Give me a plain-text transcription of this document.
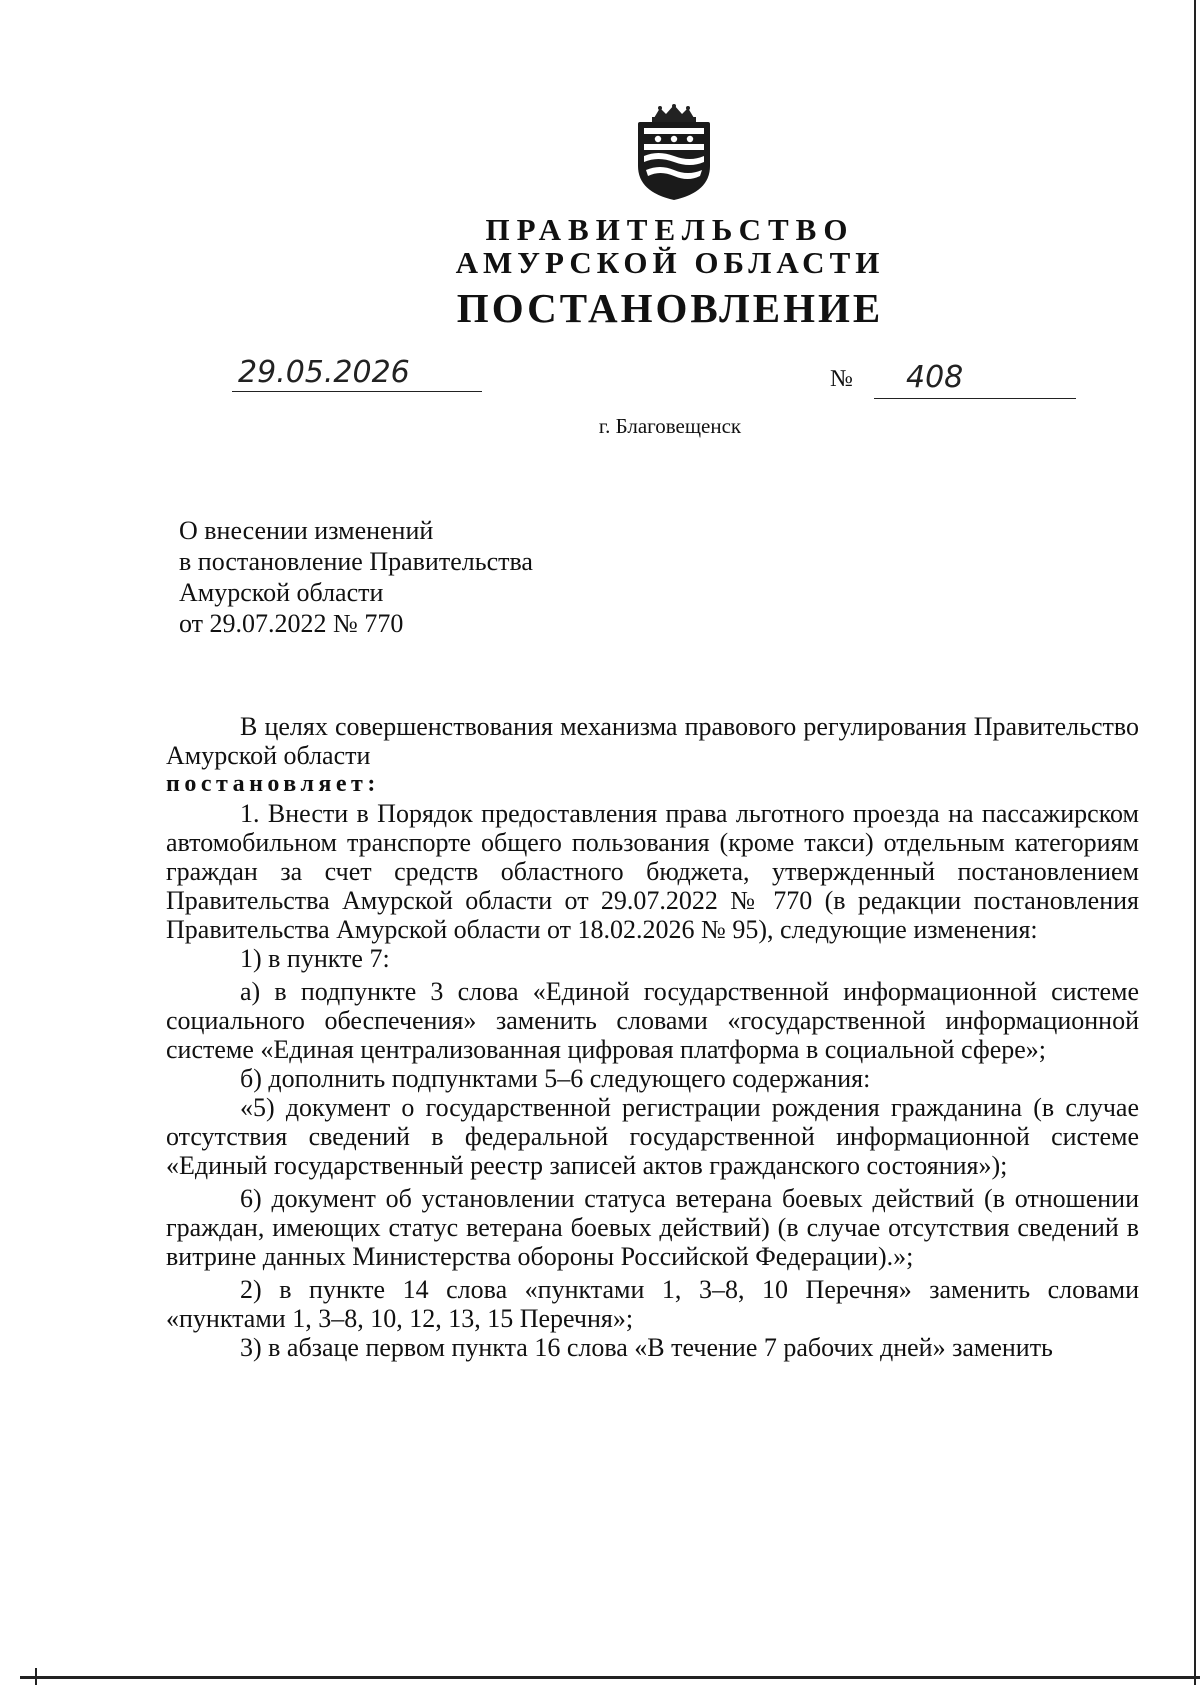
ПРАВИТЕЛЬСТВО
АМУРСКОЙ ОБЛАСТИ
ПОСТАНОВЛЕНИЕ
29.05.2026	№ 408
г. Благовещенск
О внесении изменений
в постановление Правительства
Амурской области
от 29.07.2022 № 770

В целях совершенствования механизма правового регулирования Правительство Амурской области

постановляет:

1. Внести в Порядок предоставления права льготного проезда на пассажирском автомобильном транспорте общего пользования (кроме такси) отдельным категориям граждан за счет средств областного бюджета, утвержденный постановлением Правительства Амурской области от 29.07.2022 № 770 (в редакции постановления Правительства Амурской области от 18.02.2026 № 95), следующие изменения:

1) в пункте 7:

а) в подпункте 3 слова «Единой государственной информационной системе социального обеспечения» заменить словами «государственной информационной системе «Единая централизованная цифровая платформа в социальной сфере»;

б) дополнить подпунктами 5–6 следующего содержания:

«5) документ о государственной регистрации рождения гражданина (в случае отсутствия сведений в федеральной государственной информационной системе «Единый государственный реестр записей актов гражданского состояния»);

6) документ об установлении статуса ветерана боевых действий (в отношении граждан, имеющих статус ветерана боевых действий) (в случае отсутствия сведений в витрине данных Министерства обороны Российской Федерации).»;

2) в пункте 14 слова «пунктами 1, 3–8, 10 Перечня» заменить словами «пунктами 1, 3–8, 10, 12, 13, 15 Перечня»;

3) в абзаце первом пункта 16 слова «В течение 7 рабочих дней» заменить
